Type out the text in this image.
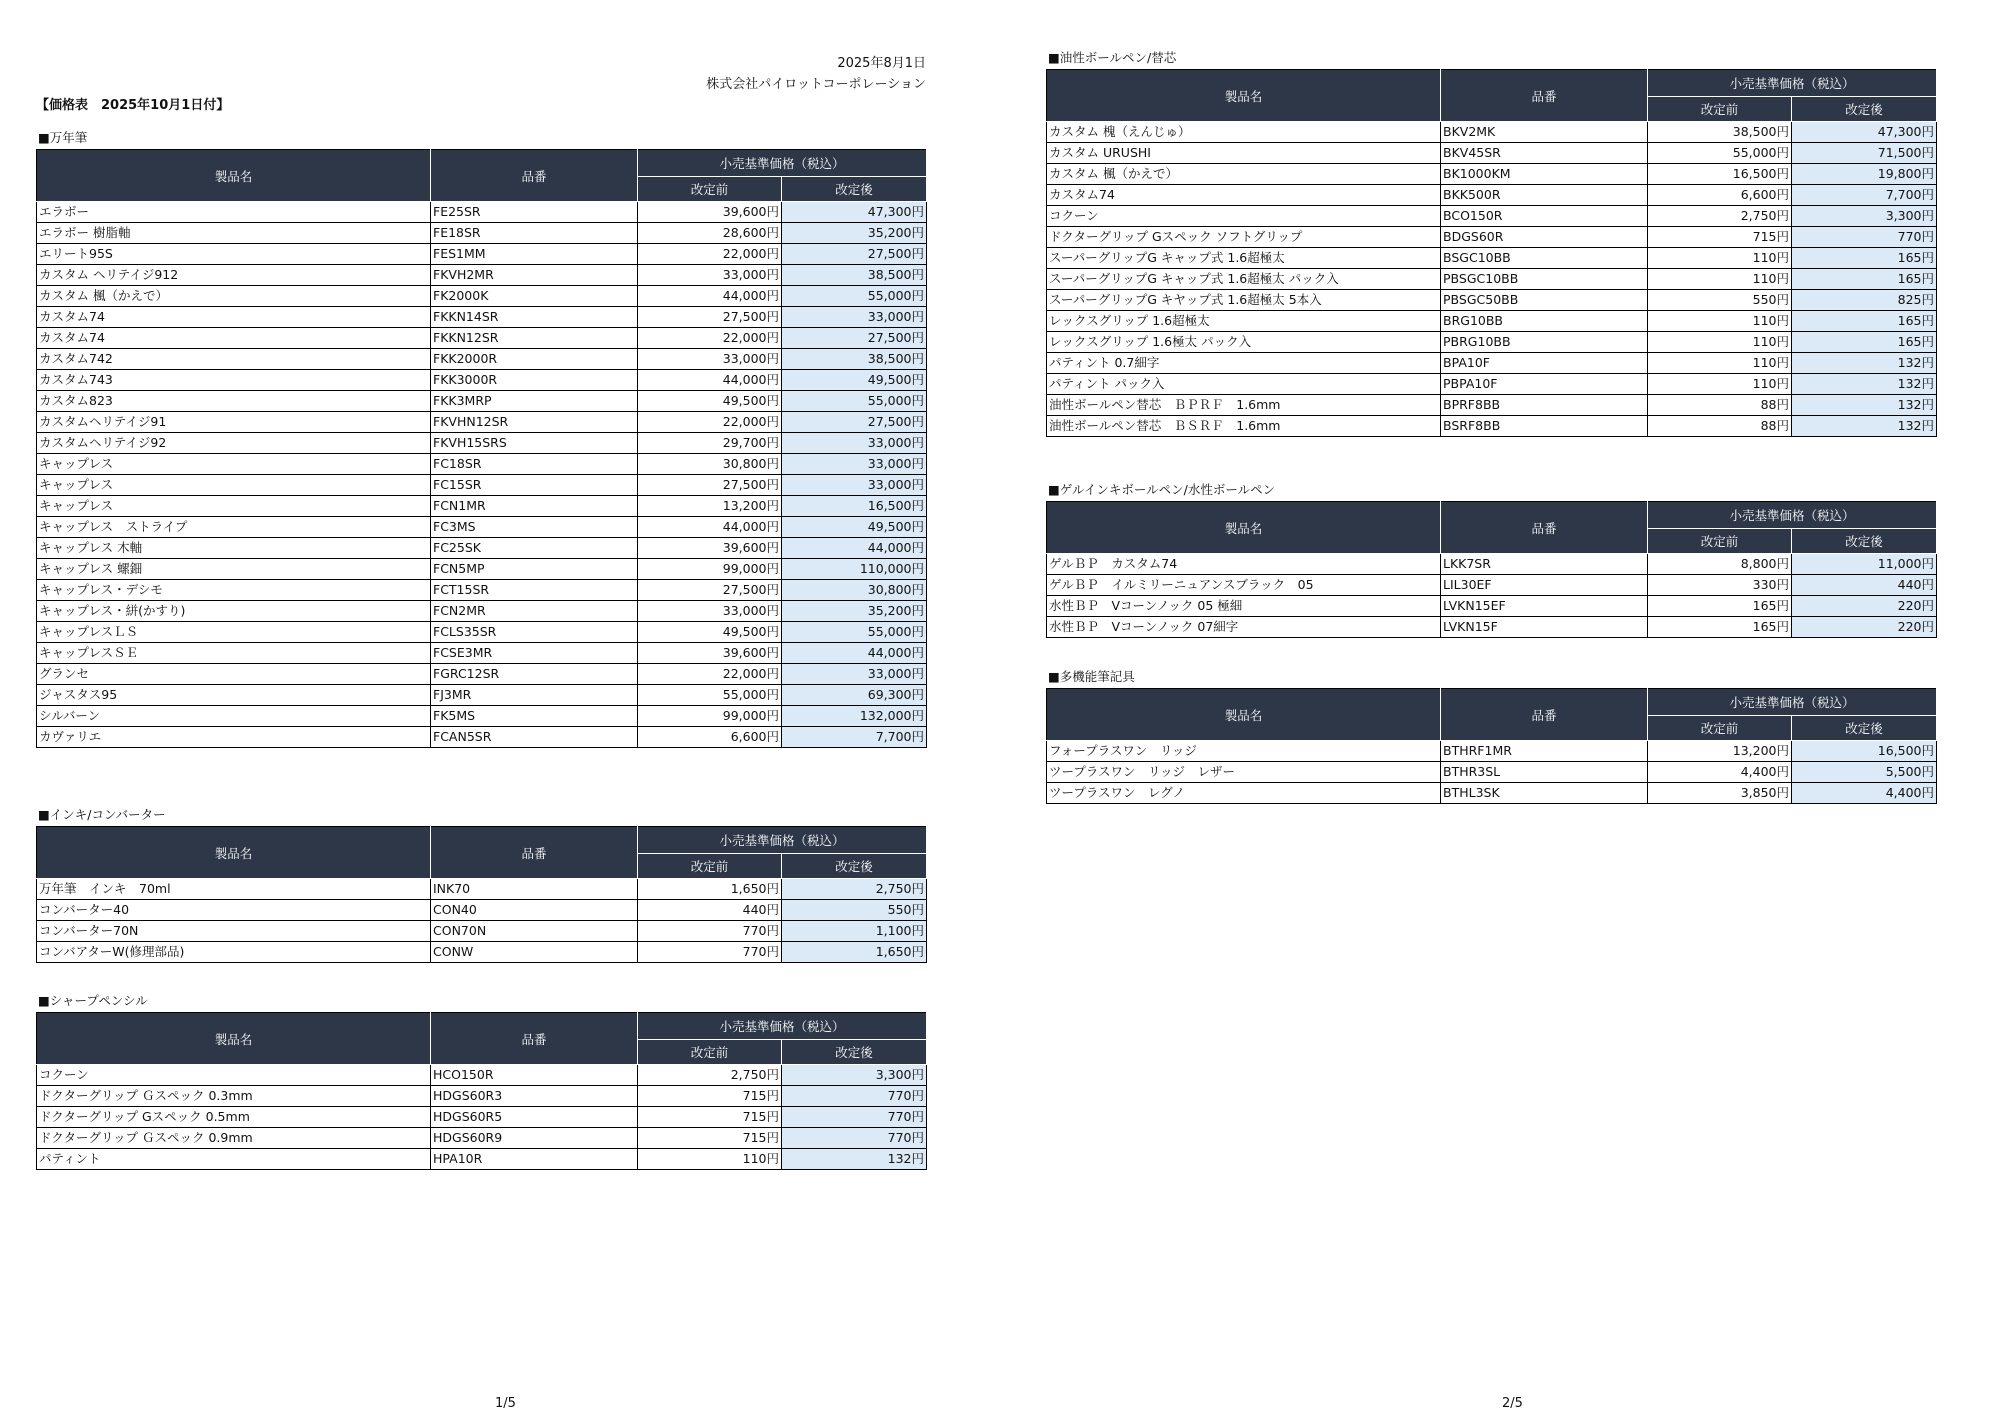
2025年8月1日
株式会社パイロットコーポレーション
【価格表　2025年10月1日付】
■万年筆
製品名	品番	小売基準価格（税込）	
		改定前	改定後
エラボー	FE25SR	39,600円	47,300円
エラボー 樹脂軸	FE18SR	28,600円	35,200円
エリート95S	FES1MM	22,000円	27,500円
カスタム ヘリテイジ912	FKVH2MR	33,000円	38,500円
カスタム 楓（かえで）	FK2000K	44,000円	55,000円
カスタム74	FKKN14SR	27,500円	33,000円
カスタム74	FKKN12SR	22,000円	27,500円
カスタム742	FKK2000R	33,000円	38,500円
カスタム743	FKK3000R	44,000円	49,500円
カスタム823	FKK3MRP	49,500円	55,000円
カスタムヘリテイジ91	FKVHN12SR	22,000円	27,500円
カスタムヘリテイジ92	FKVH15SRS	29,700円	33,000円
キャップレス	FC18SR	30,800円	33,000円
キャップレス	FC15SR	27,500円	33,000円
キャップレス	FCN1MR	13,200円	16,500円
キャップレス　ストライプ	FC3MS	44,000円	49,500円
キャップレス 木軸	FC25SK	39,600円	44,000円
キャップレス 螺鈿	FCN5MP	99,000円	110,000円
キャップレス・デシモ	FCT15SR	27,500円	30,800円
キャップレス・絣(かすり)	FCN2MR	33,000円	35,200円
キャップレスＬＳ	FCLS35SR	49,500円	55,000円
キャップレスＳＥ	FCSE3MR	39,600円	44,000円
グランセ	FGRC12SR	22,000円	33,000円
ジャスタス95	FJ3MR	55,000円	69,300円
シルバーン	FK5MS	99,000円	132,000円
カヴァリエ	FCAN5SR	6,600円	7,700円
■インキ/コンバーター
製品名	品番	小売基準価格（税込）	
		改定前	改定後
万年筆　インキ　70ml	INK70	1,650円	2,750円
コンバーター40	CON40	440円	550円
コンバーター70N	CON70N	770円	1,100円
コンバアターW(修理部品)	CONW	770円	1,650円
■シャープペンシル
製品名	品番	小売基準価格（税込）	
		改定前	改定後
コクーン	HCO150R	2,750円	3,300円
ドクターグリップ Ｇスペック 0.3mm	HDGS60R3	715円	770円
ドクターグリップ Gスペック 0.5mm	HDGS60R5	715円	770円
ドクターグリップ Ｇスペック 0.9mm	HDGS60R9	715円	770円
パティント	HPA10R	110円	132円
1/5
■油性ボールペン/替芯
製品名	品番	小売基準価格（税込）	
		改定前	改定後
カスタム 槐（えんじゅ）	BKV2MK	38,500円	47,300円
カスタム URUSHI	BKV45SR	55,000円	71,500円
カスタム 楓（かえで）	BK1000KM	16,500円	19,800円
カスタム74	BKK500R	6,600円	7,700円
コクーン	BCO150R	2,750円	3,300円
ドクターグリップ Gスペック ソフトグリップ	BDGS60R	715円	770円
スーパーグリップG キャップ式 1.6超極太	BSGC10BB	110円	165円
スーパーグリップG キャップ式 1.6超極太 パック入	PBSGC10BB	110円	165円
スーパーグリップG キヤップ式 1.6超極太 5本入	PBSGC50BB	550円	825円
レックスグリップ 1.6超極太	BRG10BB	110円	165円
レックスグリップ 1.6極太 パック入	PBRG10BB	110円	165円
パティント 0.7細字	BPA10F	110円	132円
パティント パック入	PBPA10F	110円	132円
油性ボールペン替芯　ＢＰＲＦ　1.6mm	BPRF8BB	88円	132円
油性ボールペン替芯　ＢＳＲＦ　1.6mm	BSRF8BB	88円	132円
■ゲルインキボールペン/水性ボールペン
製品名	品番	小売基準価格（税込）	
		改定前	改定後
ゲルＢＰ　カスタム74	LKK7SR	8,800円	11,000円
ゲルＢＰ　イルミリーニュアンスブラック　05	LIL30EF	330円	440円
水性ＢＰ　Vコーンノック 05 極細	LVKN15EF	165円	220円
水性ＢＰ　Vコーンノック 07細字	LVKN15F	165円	220円
■多機能筆記具
製品名	品番	小売基準価格（税込）	
		改定前	改定後
フォープラスワン　リッジ	BTHRF1MR	13,200円	16,500円
ツープラスワン　リッジ　レザー	BTHR3SL	4,400円	5,500円
ツープラスワン　レグノ	BTHL3SK	3,850円	4,400円
2/5
